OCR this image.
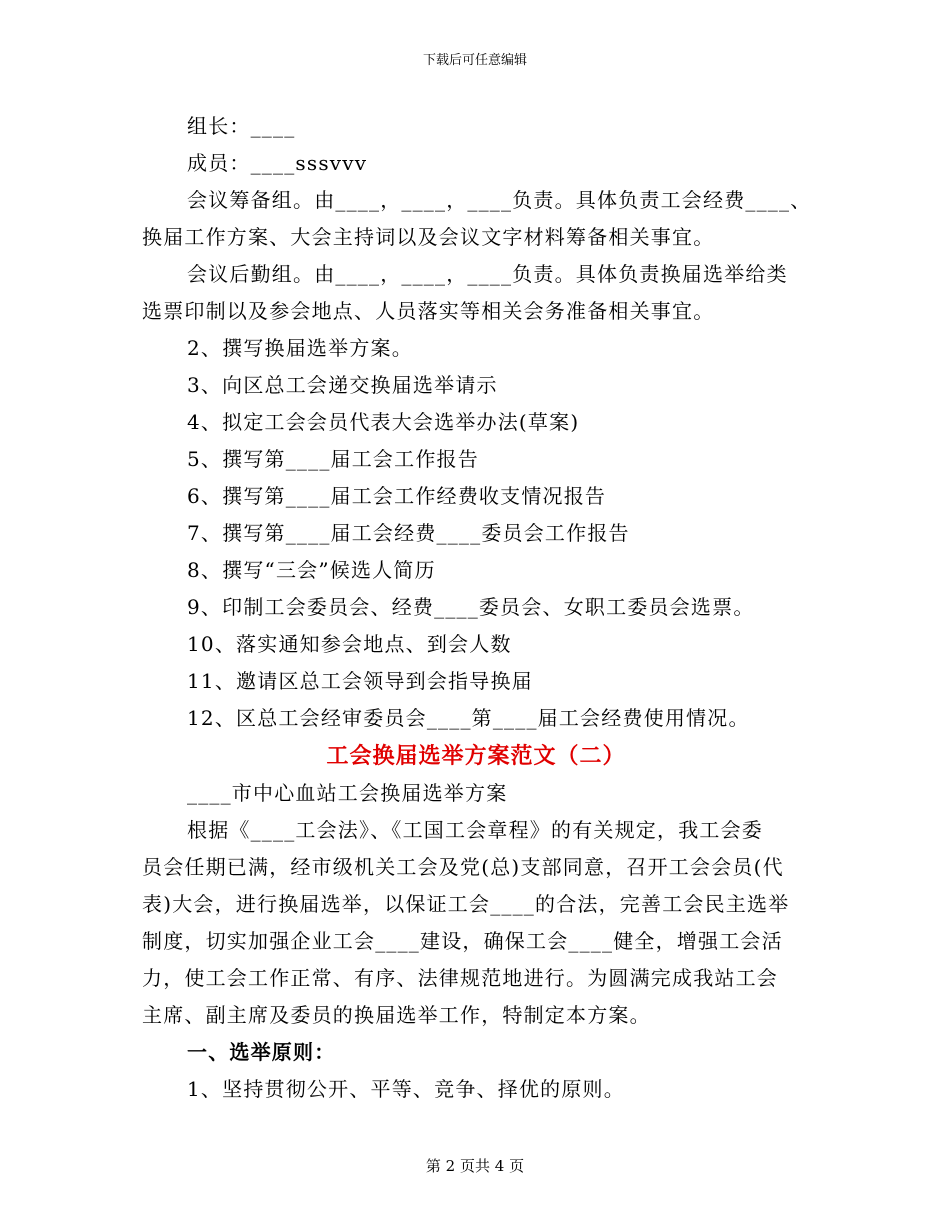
下载后可任意编辑
组长：____
成员：____sssvvv
会议筹备组。由____，____，____负责。具体负责工会经费____、
换届工作方案、大会主持词以及会议文字材料筹备相关事宜。
会议后勤组。由____，____，____负责。具体负责换届选举给类
选票印制以及参会地点、人员落实等相关会务准备相关事宜。
2、撰写换届选举方案。
3、向区总工会递交换届选举请示
4、拟定工会会员代表大会选举办法(草案)
5、撰写第____届工会工作报告
6、撰写第____届工会工作经费收支情况报告
7、撰写第____届工会经费____委员会工作报告
8、撰写“三会”候选人简历
9、印制工会委员会、经费____委员会、女职工委员会选票。
10、落实通知参会地点、到会人数
11、邀请区总工会领导到会指导换届
12、区总工会经审委员会____第____届工会经费使用情况。
工会换届选举方案范文（二）
____市中心血站工会换届选举方案
根据《____工会法》、《工国工会章程》的有关规定，我工会委
员会任期已满，经市级机关工会及党(总)支部同意，召开工会会员(代
表)大会，进行换届选举，以保证工会____的合法，完善工会民主选举
制度，切实加强企业工会____建设，确保工会____健全，增强工会活
力，使工会工作正常、有序、法律规范地进行。为圆满完成我站工会
主席、副主席及委员的换届选举工作，特制定本方案。
一、选举原则：
1、坚持贯彻公开、平等、竞争、择优的原则。
第 2 页共 4 页
